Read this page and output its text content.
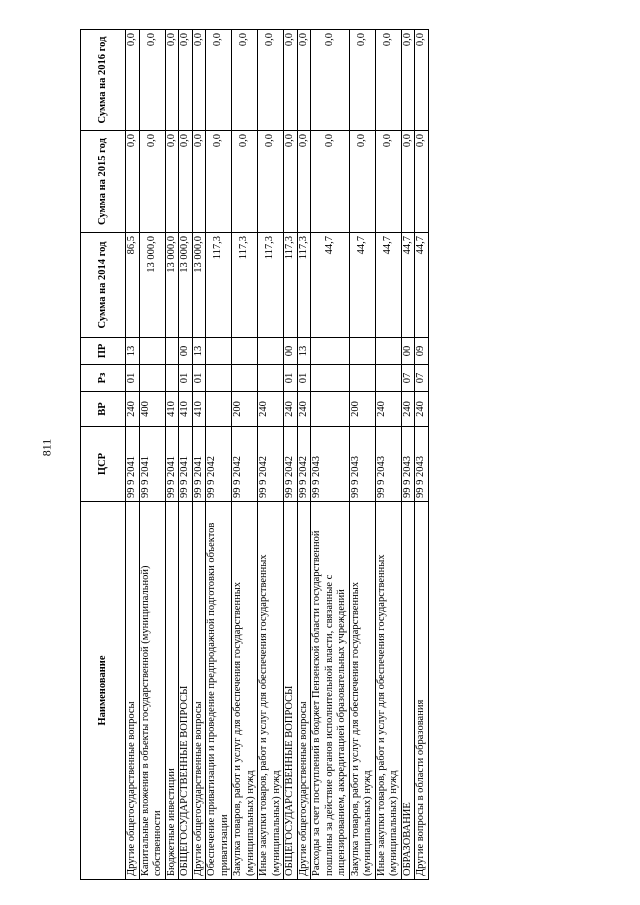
811
Наименование	ЦСР	ВР	Рз	ПР	Сумма на 2014 год	Сумма на 2015 год	Сумма на 2016 год
Другие общегосударственные вопросы	99 9 2041	240	01	13	86,5	0,0	0,0
Капитальные вложения в объекты государственной (муниципальной) собственности	99 9 2041	400			13 000,0	0,0	0,0
Бюджетные инвестиции	99 9 2041	410			13 000,0	0,0	0,0
ОБЩЕГОСУДАРСТВЕННЫЕ ВОПРОСЫ	99 9 2041	410	01	00	13 000,0	0,0	0,0
Другие общегосударственные вопросы	99 9 2041	410	01	13	13 000,0	0,0	0,0
Обеспечение приватизации и проведение предпродажной подготовки объектов приватизации	99 9 2042				117,3	0,0	0,0
Закупка товаров, работ и услуг для обеспечения государственных (муниципальных) нужд	99 9 2042	200			117,3	0,0	0,0
Иные закупки товаров, работ и услуг для обеспечения государственных (муниципальных) нужд	99 9 2042	240			117,3	0,0	0,0
ОБЩЕГОСУДАРСТВЕННЫЕ ВОПРОСЫ	99 9 2042	240	01	00	117,3	0,0	0,0
Другие общегосударственные вопросы	99 9 2042	240	01	13	117,3	0,0	0,0
Расходы за счет поступлений в бюджет Пензенской области государственной пошлины за действие органов исполнительной власти, связанные с лицензированием, аккредитацией образовательных учреждений	99 9 2043				44,7	0,0	0,0
Закупка товаров, работ и услуг для обеспечения государственных (муниципальных) нужд	99 9 2043	200			44,7	0,0	0,0
Иные закупки товаров, работ и услуг для обеспечения государственных (муниципальных) нужд	99 9 2043	240			44,7	0,0	0,0
ОБРАЗОВАНИЕ	99 9 2043	240	07	00	44,7	0,0	0,0
Другие вопросы в области образования	99 9 2043	240	07	09	44,7	0,0	0,0
